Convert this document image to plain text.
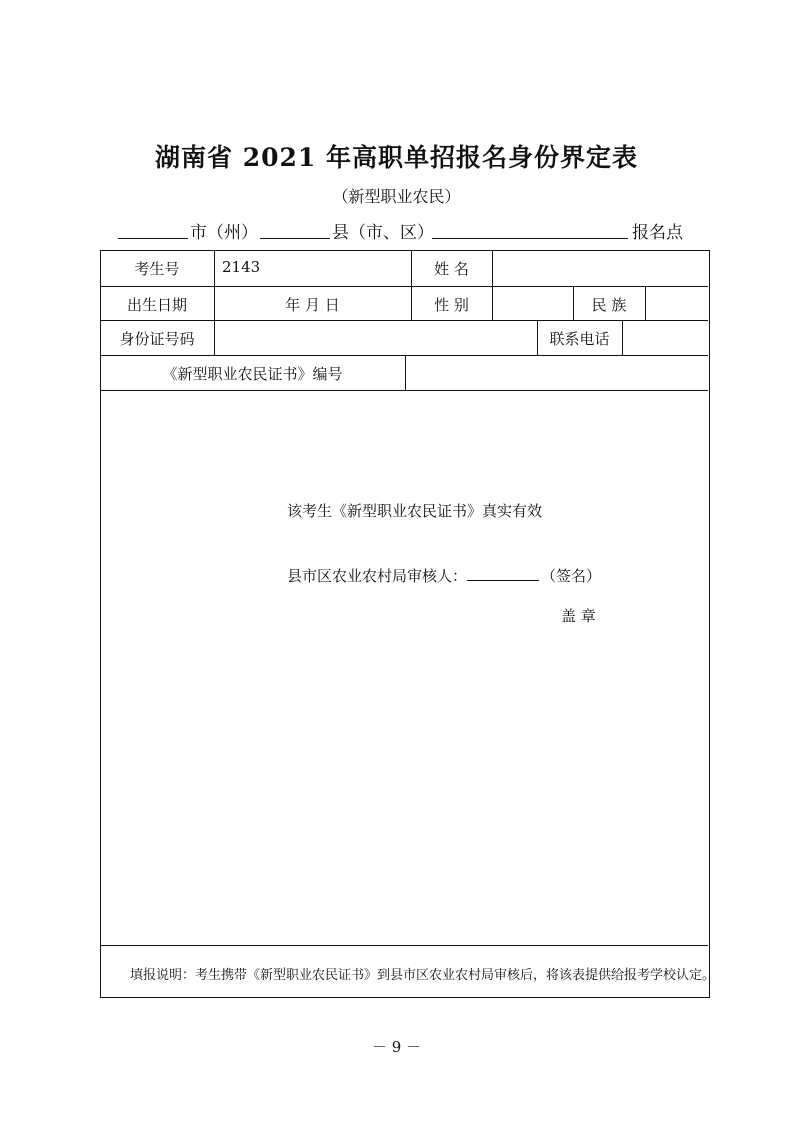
湖南省 2021 年高职单招报名身份界定表
（新型职业农民）
市（州）	县（市、区）	报名点
考生号	2143	姓 名
出生日期	年 月 日	性 别	民 族
身份证号码	联系电话
《新型职业农民证书》编号
该考生《新型职业农民证书》真实有效
县市区农业农村局审核人：	（签名）
盖 章
填报说明：考生携带《新型职业农民证书》到县市区农业农村局审核后，将该表提供给报考学校认定。
－ 9 －
